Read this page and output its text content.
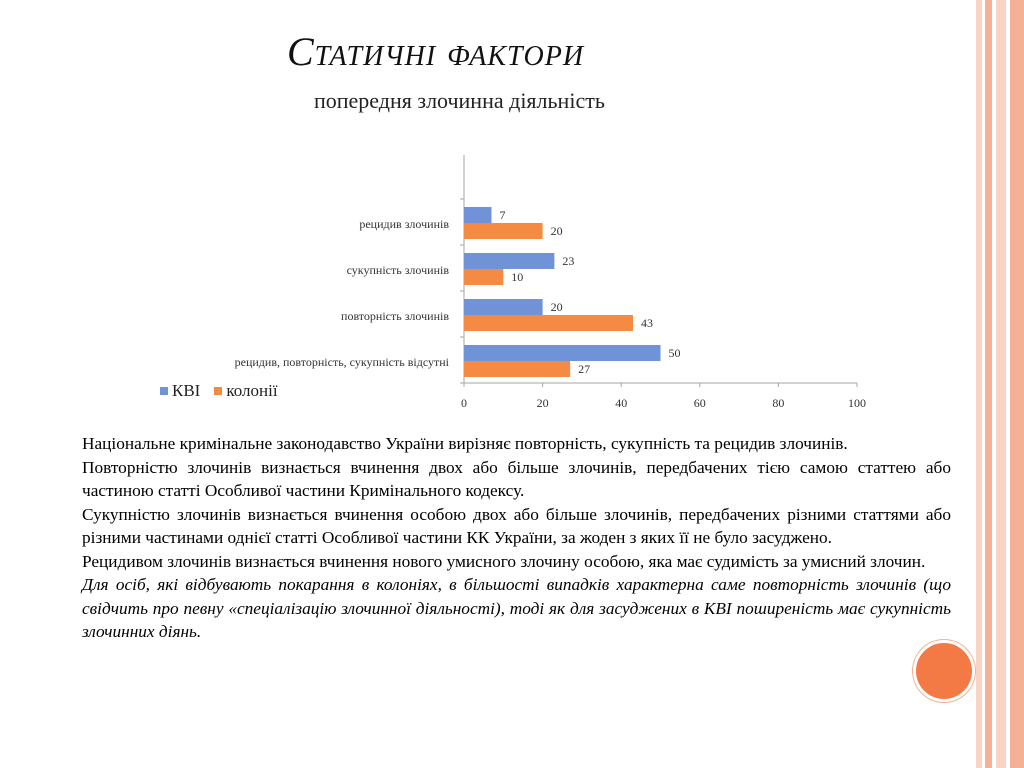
Статичні фактори
попередня злочинна діяльність
0	20	40	60	80	100
рецидив злочинів
7
20
сукупність злочинів
23
10
повторність злочинів
20
43
рецидив, повторність, сукупність відсутні
50
27
КВІ колонії

Національне кримінальне законодавство України вирізняє повторність, сукупність та рецидив злочинів.

Повторністю злочинів визнається вчинення двох або більше злочинів, передбачених тією самою статтею або частиною статті Особливої частини Кримінального кодексу.

Сукупністю злочинів визнається вчинення особою двох або більше злочинів, передбачених різними статтями або різними частинами однієї статті Особливої частини КК України, за жоден з яких її не було засуджено.

Рецидивом злочинів визнається вчинення нового умисного злочину особою, яка має судимість за умисний злочин.

Для осіб, які відбувають покарання в колоніях, в більшості випадків характерна саме повторність злочинів (що свідчить про певну «спеціалізацію злочинної діяльності), тоді як для засуджених в КВІ поширеність має сукупність злочинних діянь.
